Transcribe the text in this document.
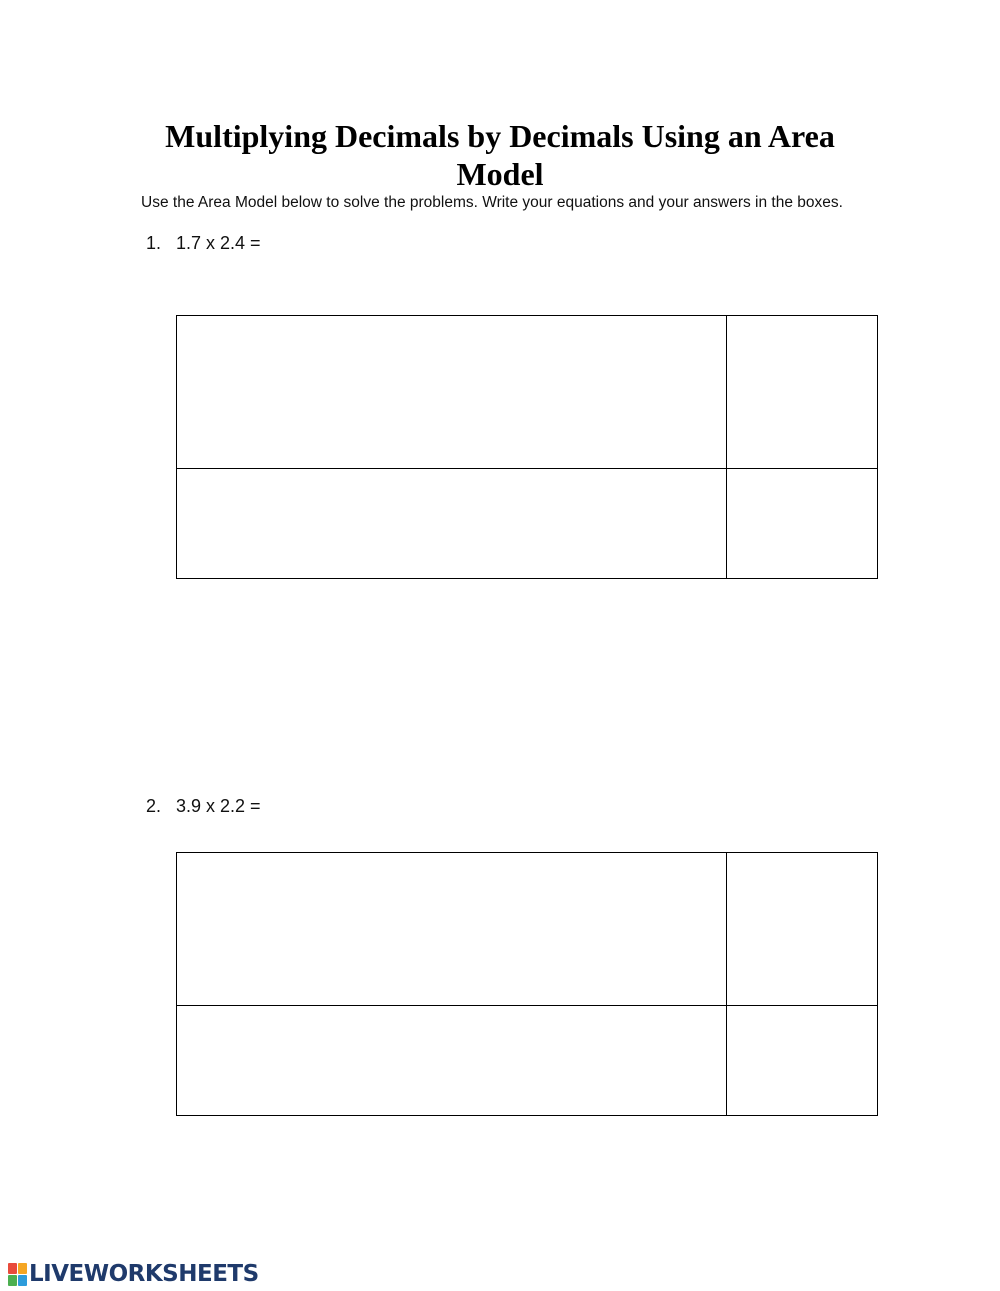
Multiplying Decimals by Decimals Using an Area
Model
Use the Area Model below to solve the problems. Write your equations and your answers in the boxes.
1. 1.7 x 2.4 =
2. 3.9 x 2.2 =
LIVEWORKSHEETS
